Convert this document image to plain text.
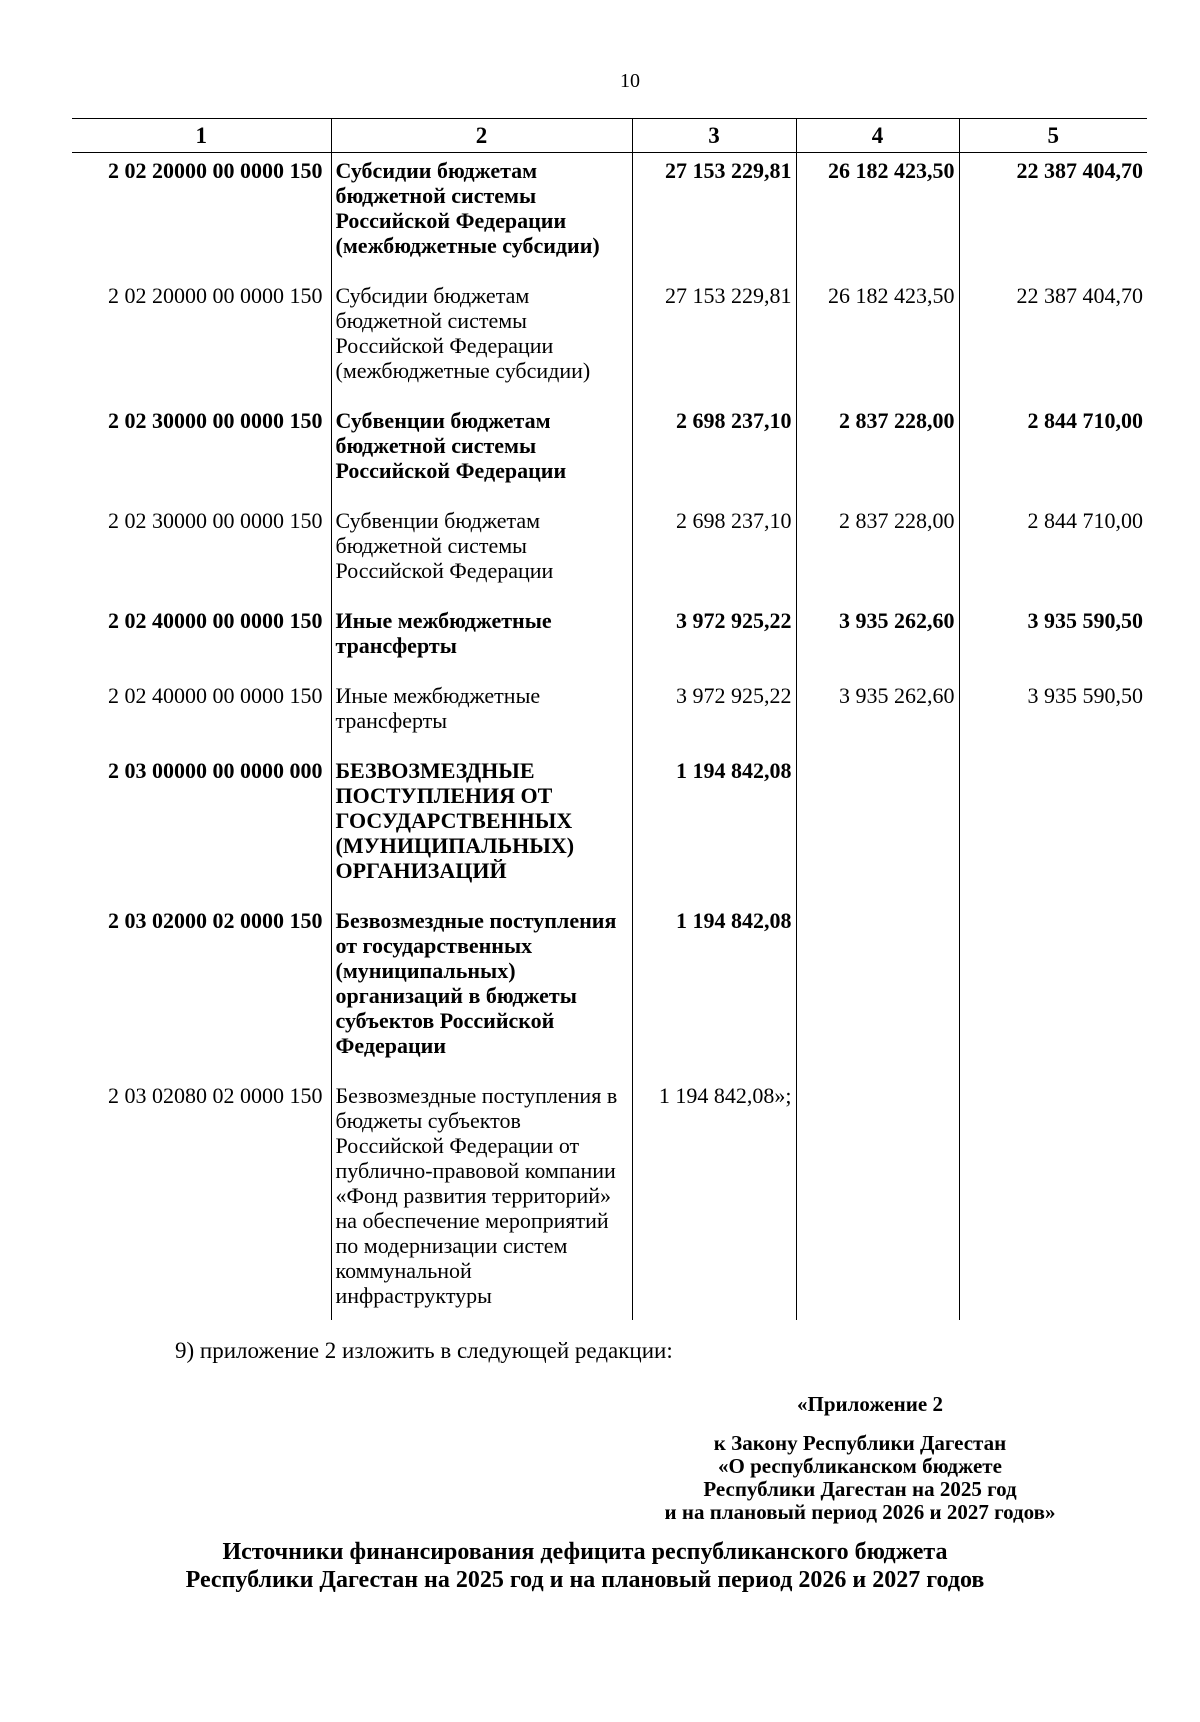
10
1	2	3	4	5
2 02 20000 00 0000 150	Субсидии бюджетам бюджетной системы Российской Федерации (межбюджетные субсидии)	27 153 229,81	26 182 423,50	22 387 404,70
2 02 20000 00 0000 150	Субсидии бюджетам бюджетной системы Российской Федерации (межбюджетные субсидии)	27 153 229,81	26 182 423,50	22 387 404,70
2 02 30000 00 0000 150	Субвенции бюджетам бюджетной системы Российской Федерации	2 698 237,10	2 837 228,00	2 844 710,00
2 02 30000 00 0000 150	Субвенции бюджетам бюджетной системы Российской Федерации	2 698 237,10	2 837 228,00	2 844 710,00
2 02 40000 00 0000 150	Иные межбюджетные трансферты	3 972 925,22	3 935 262,60	3 935 590,50
2 02 40000 00 0000 150	Иные межбюджетные трансферты	3 972 925,22	3 935 262,60	3 935 590,50
2 03 00000 00 0000 000	БЕЗВОЗМЕЗДНЫЕ ПОСТУПЛЕНИЯ ОТ ГОСУДАРСТВЕННЫХ (МУНИЦИПАЛЬНЫХ) ОРГАНИЗАЦИЙ	1 194 842,08		
2 03 02000 02 0000 150	Безвозмездные поступления от государственных (муниципальных) организаций в бюджеты субъектов Российской Федерации	1 194 842,08		
2 03 02080 02 0000 150	Безвозмездные поступления в бюджеты субъектов Российской Федерации от публично-правовой компании «Фонд развития территорий» на обеспечение мероприятий по модернизации систем коммунальной инфраструктуры	1 194 842,08»;		
9) приложение 2 изложить в следующей редакции:
«Приложение 2
к Закону Республики Дагестан
«О республиканском бюджете
Республики Дагестан на 2025 год
и на плановый период 2026 и 2027 годов»
Источники финансирования дефицита республиканского бюджета
Республики Дагестан на 2025 год и на плановый период 2026 и 2027 годов
